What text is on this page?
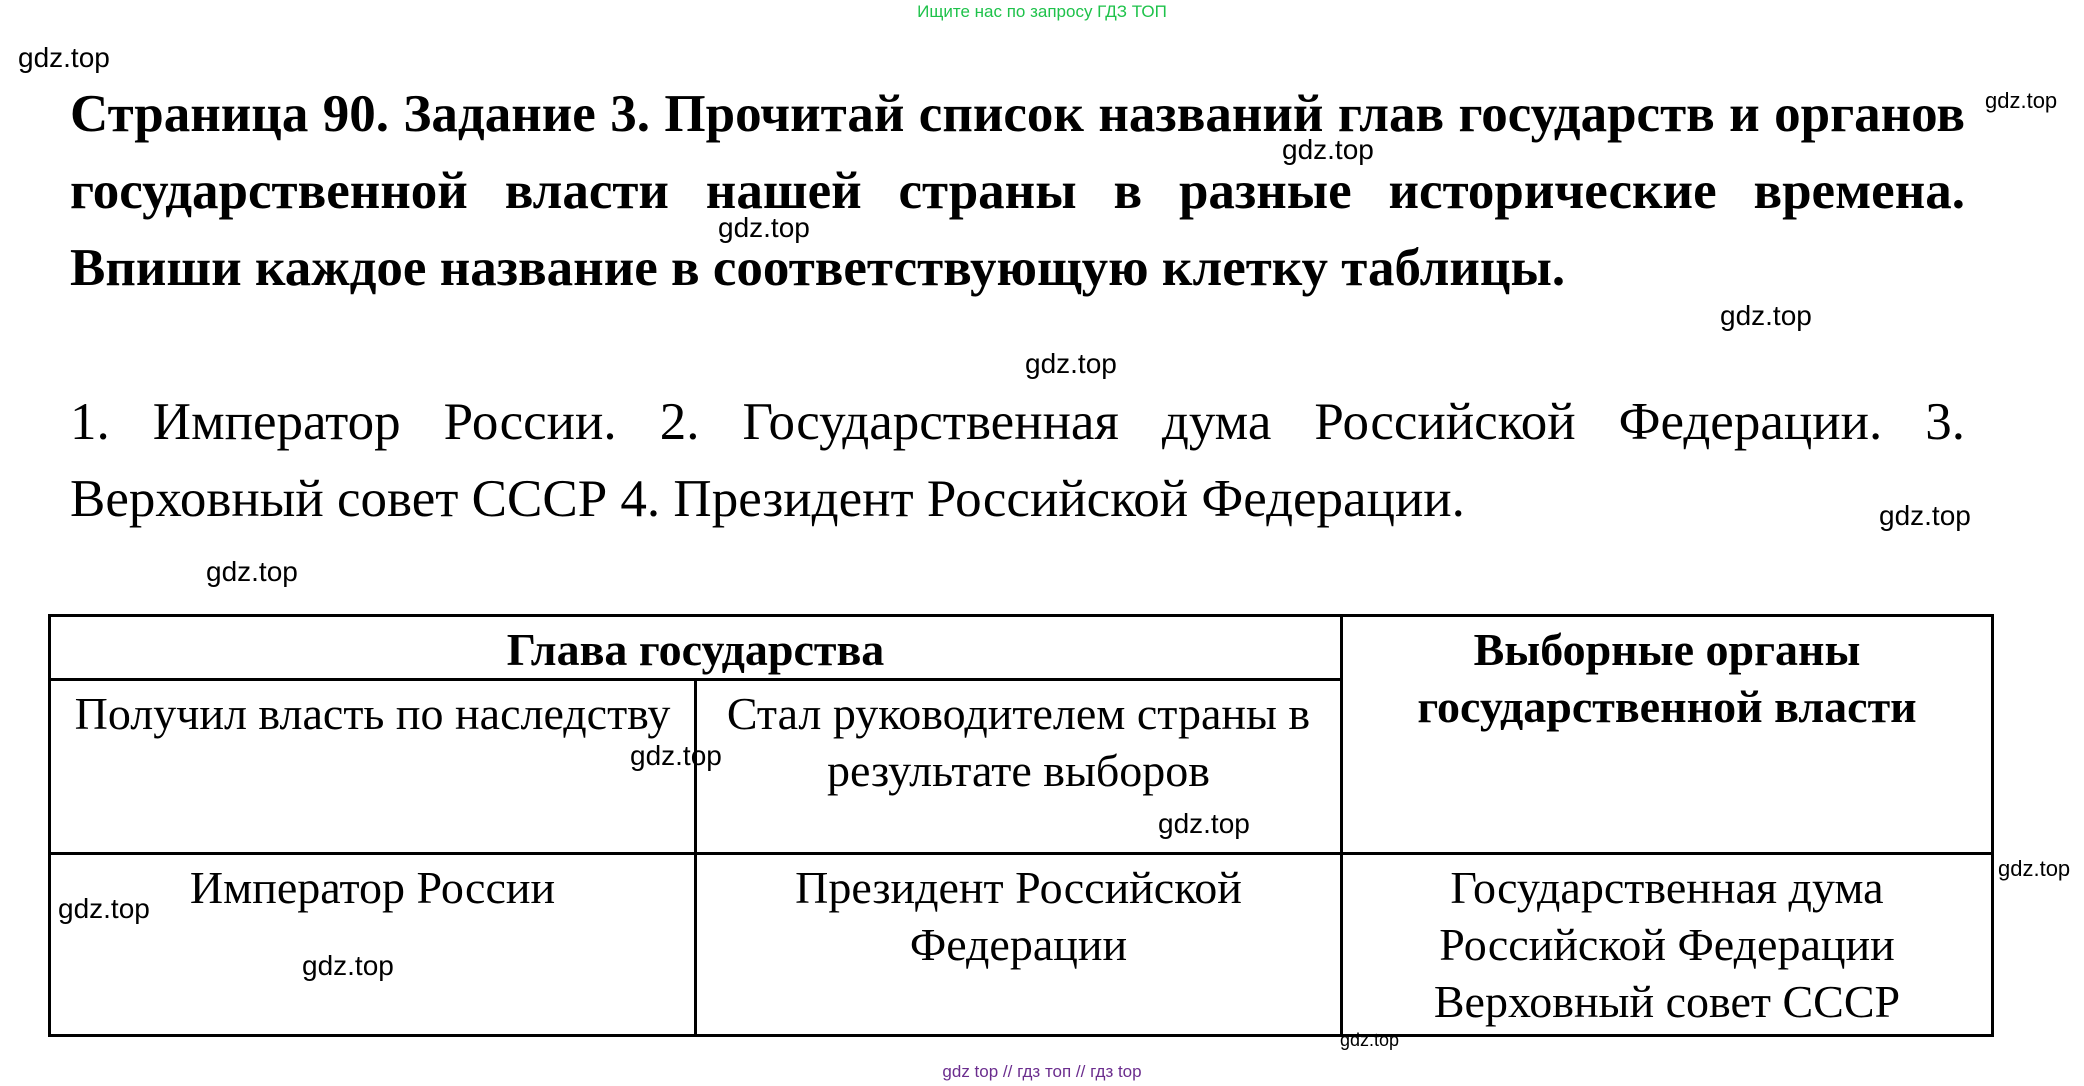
Ищите нас по запросу ГДЗ ТОП
gdz.top
gdz.top
gdz.top
gdz.top
gdz.top
gdz.top
gdz.top
gdz.top
Страница 90. Задание 3. Прочитай список названий глав государств и органов государственной власти нашей страны в разные исторические времена. Впиши каждое название в соответствующую клетку таблицы.

1. Император России. 2. Государственная дума Российской Федерации. 3. Верховный совет СССР 4. Президент Российской Федерации.

Глава государства		Выборные органы государственной власти
Получил власть по наследству	Стал руководителем страны в результате выборов	
Император России	Президент Российской Федерации	Государственная дума Российской Федерации
Верховный совет СССР
gdz.top
gdz.top
gdz.top
gdz.top
gdz.top
gdz.top
gdz top // гдз топ // гдз top
